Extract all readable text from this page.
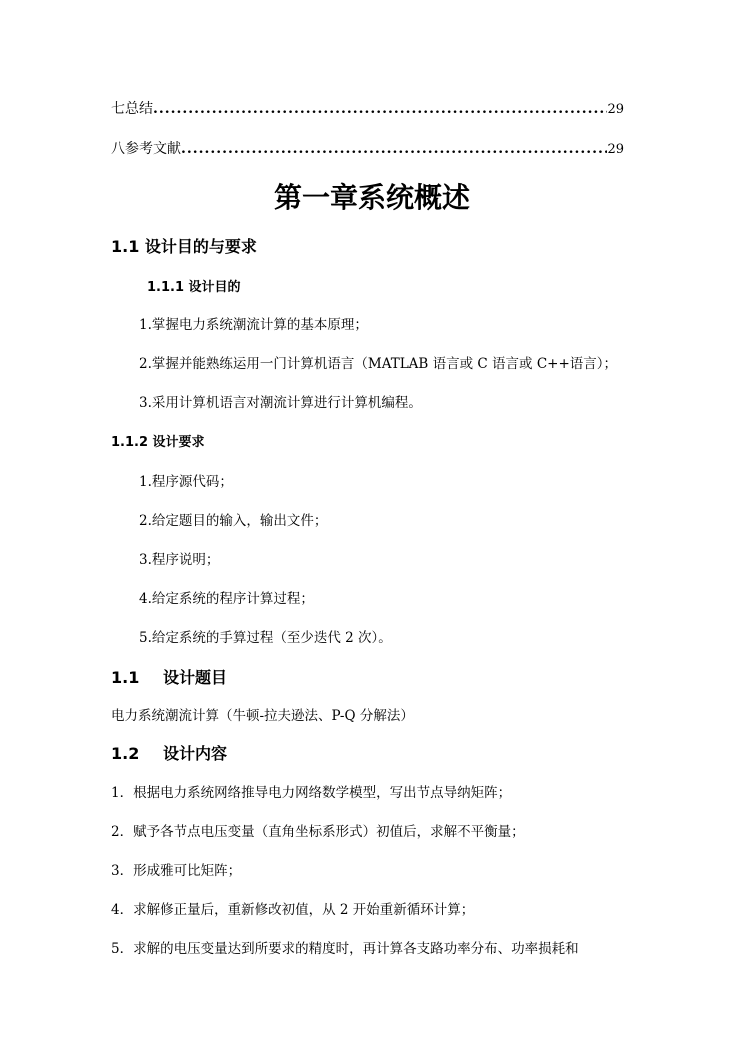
七总结 .....	29
八参考文献 .....	29
第一章系统概述
1.1 设计目的与要求
1.1.1 设计目的
1.掌握电力系统潮流计算的基本原理；
2.掌握并能熟练运用一门计算机语言（MATLAB 语言或 C 语言或 C++语言）；
3.采用计算机语言对潮流计算进行计算机编程。
1.1.2 设计要求
1.程序源代码；
2.给定题目的输入，输出文件；
3.程序说明；
4.给定系统的程序计算过程；
5.给定系统的手算过程（至少迭代 2 次）。
1.1 设计题目
电力系统潮流计算（牛顿-拉夫逊法、P-Q 分解法）
1.2 设计内容
1．根据电力系统网络推导电力网络数学模型，写出节点导纳矩阵；
2．赋予各节点电压变量（直角坐标系形式）初值后，求解不平衡量；
3．形成雅可比矩阵；
4．求解修正量后，重新修改初值，从 2 开始重新循环计算；
5．求解的电压变量达到所要求的精度时，再计算各支路功率分布、功率损耗和
